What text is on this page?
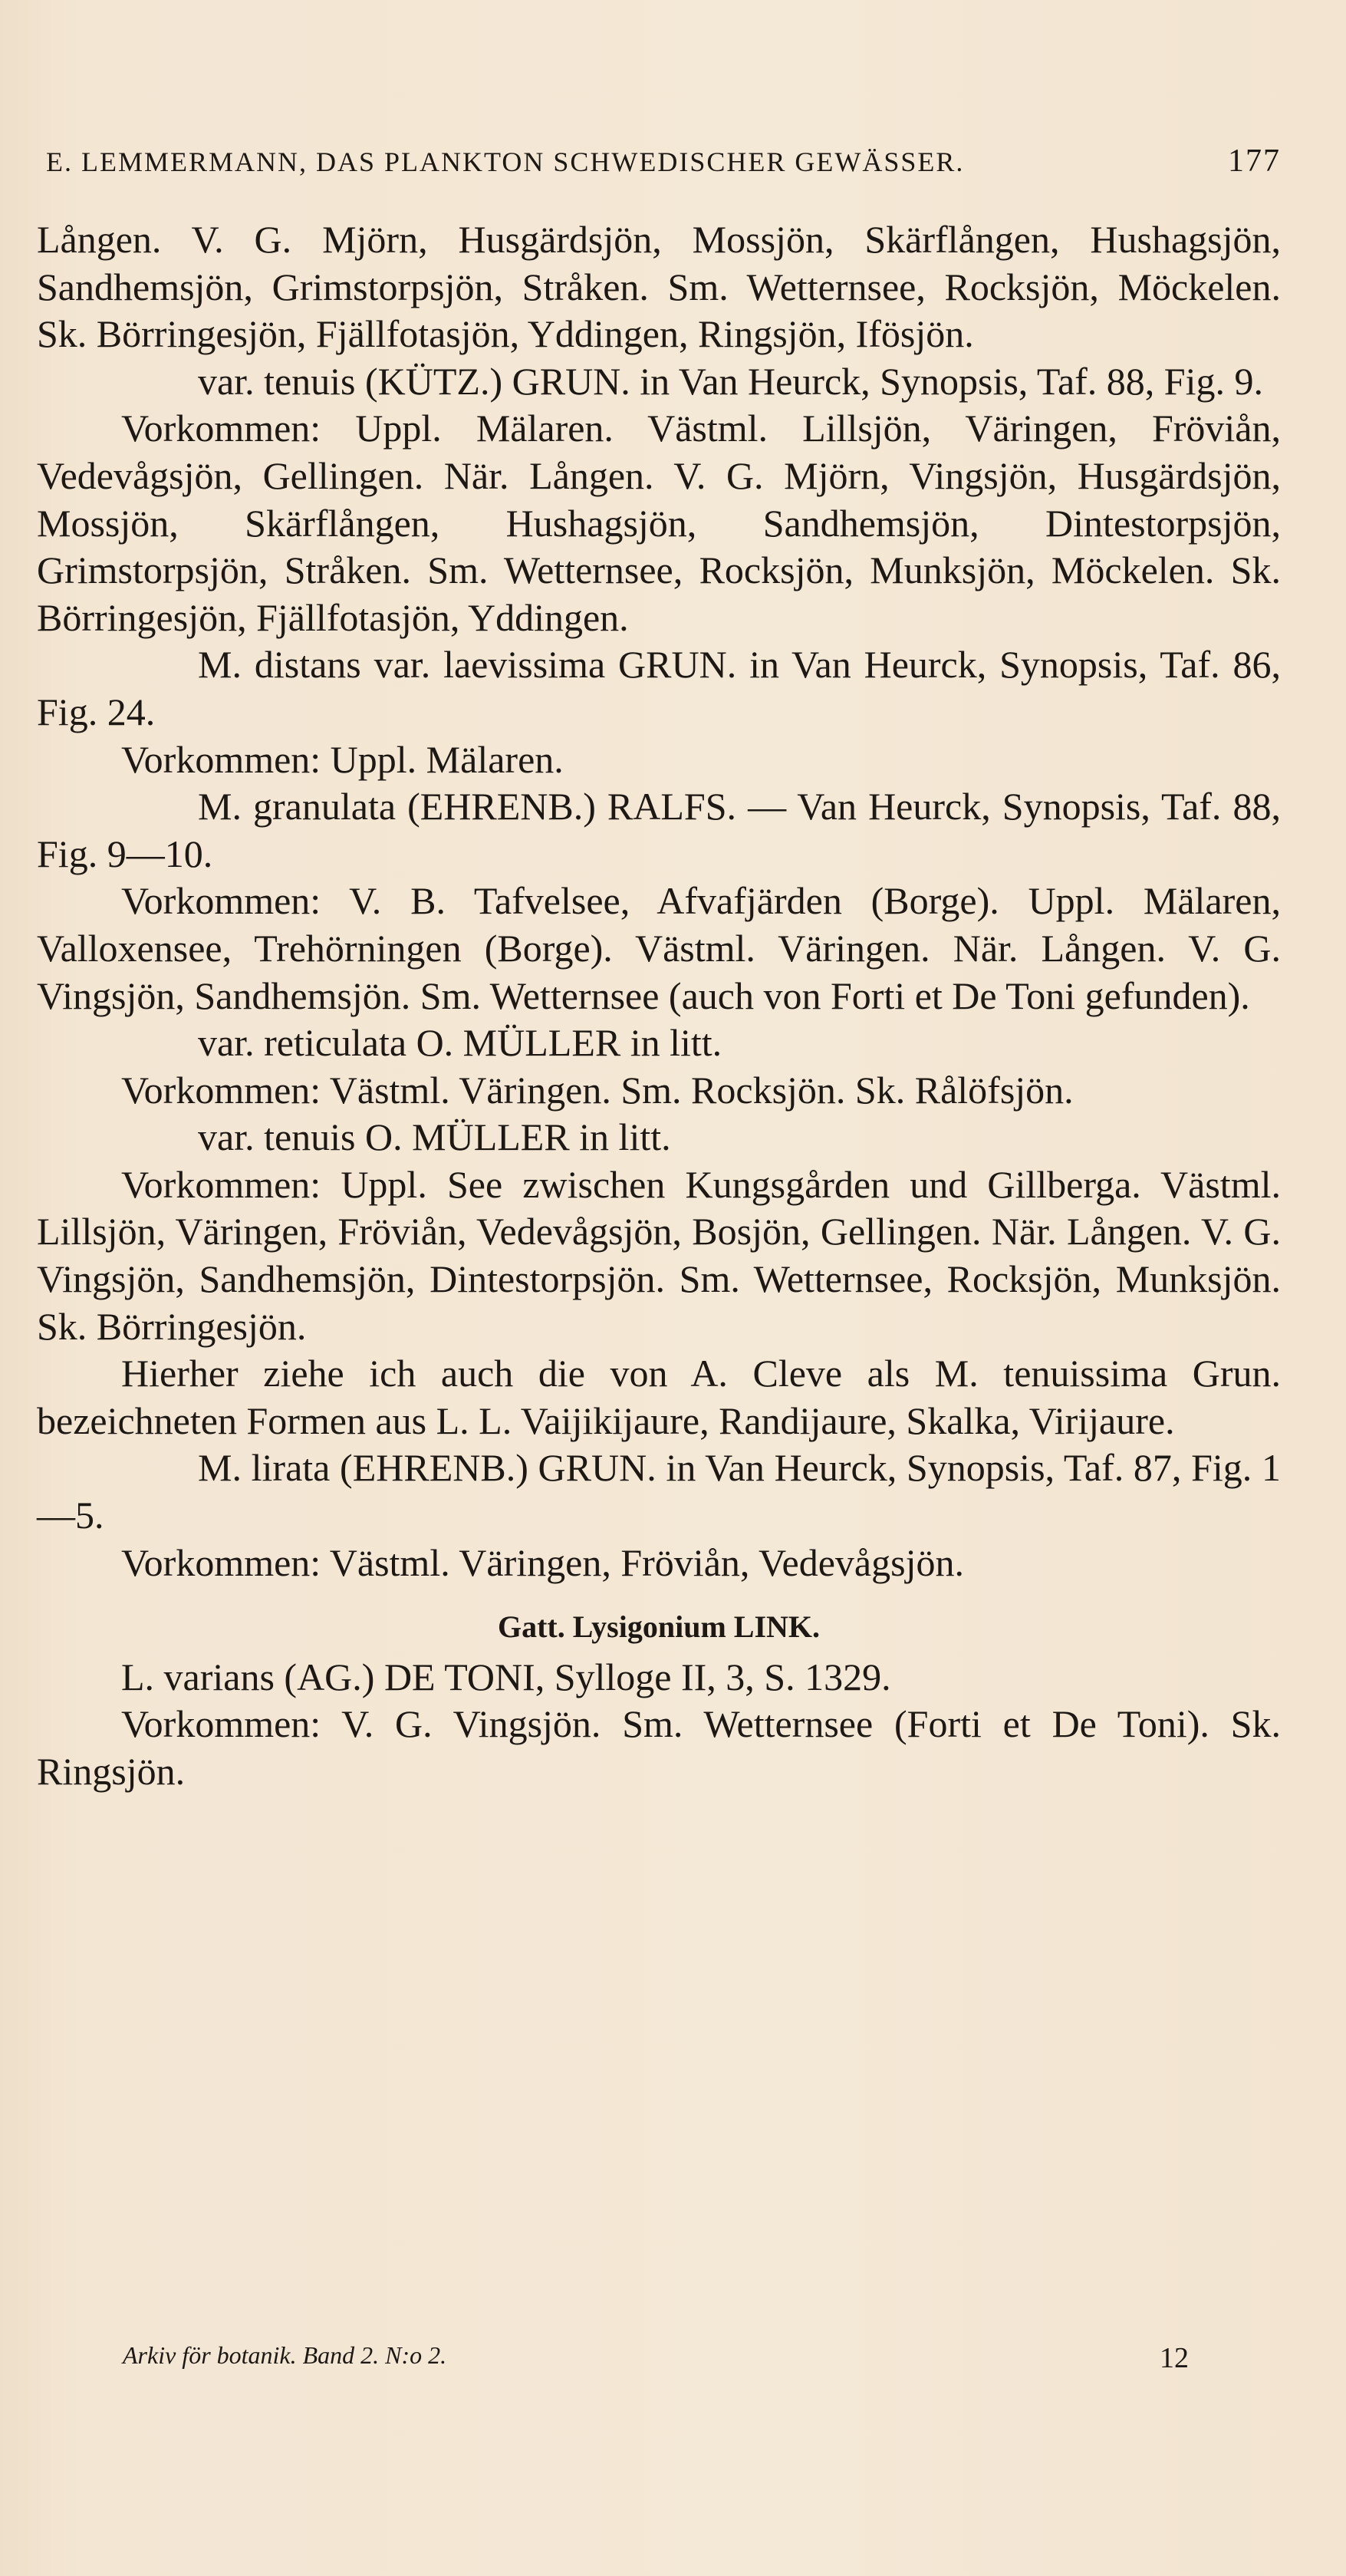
E. LEMMERMANN, DAS PLANKTON SCHWEDISCHER GEWÄSSER.	177

Lången. V. G. Mjörn, Husgärdsjön, Mossjön, Skärflången, Hushagsjön, Sandhemsjön, Grimstorpsjön, Stråken. Sm. Wetternsee, Rocksjön, Möckelen. Sk. Börringesjön, Fjällfotasjön, Yddingen, Ringsjön, Ifösjön.

var. tenuis (KÜTZ.) GRUN. in Van Heurck, Synopsis, Taf. 88, Fig. 9.

Vorkommen: Uppl. Mälaren. Västml. Lillsjön, Väringen, Fröviån, Vedevågsjön, Gellingen. När. Lången. V. G. Mjörn, Vingsjön, Husgärdsjön, Mossjön, Skärflången, Hushagsjön, Sandhemsjön, Dintestorpsjön, Grimstorpsjön, Stråken. Sm. Wetternsee, Rocksjön, Munksjön, Möckelen. Sk. Börringesjön, Fjällfotasjön, Yddingen.

M. distans var. laevissima GRUN. in Van Heurck, Synopsis, Taf. 86, Fig. 24.

Vorkommen: Uppl. Mälaren.

M. granulata (EHRENB.) RALFS. — Van Heurck, Synopsis, Taf. 88, Fig. 9—10.

Vorkommen: V. B. Tafvelsee, Afvafjärden (Borge). Uppl. Mälaren, Valloxensee, Trehörningen (Borge). Västml. Väringen. När. Lången. V. G. Vingsjön, Sandhemsjön. Sm. Wetternsee (auch von Forti et De Toni gefunden).

var. reticulata O. MÜLLER in litt.

Vorkommen: Västml. Väringen. Sm. Rocksjön. Sk. Rålöfsjön.

var. tenuis O. MÜLLER in litt.

Vorkommen: Uppl. See zwischen Kungsgården und Gillberga. Västml. Lillsjön, Väringen, Fröviån, Vedevågsjön, Bosjön, Gellingen. När. Lången. V. G. Vingsjön, Sandhemsjön, Dintestorpsjön. Sm. Wetternsee, Rocksjön, Munksjön. Sk. Börringesjön.

Hierher ziehe ich auch die von A. Cleve als M. tenuissima Grun. bezeichneten Formen aus L. L. Vaijikijaure, Randijaure, Skalka, Virijaure.

M. lirata (EHRENB.) GRUN. in Van Heurck, Synopsis, Taf. 87, Fig. 1—5.

Vorkommen: Västml. Väringen, Fröviån, Vedevågsjön.

Gatt. Lysigonium LINK.

L. varians (AG.) DE TONI, Sylloge II, 3, S. 1329.

Vorkommen: V. G. Vingsjön. Sm. Wetternsee (Forti et De Toni). Sk. Ringsjön.

Arkiv för botanik. Band 2. N:o 2.	12
